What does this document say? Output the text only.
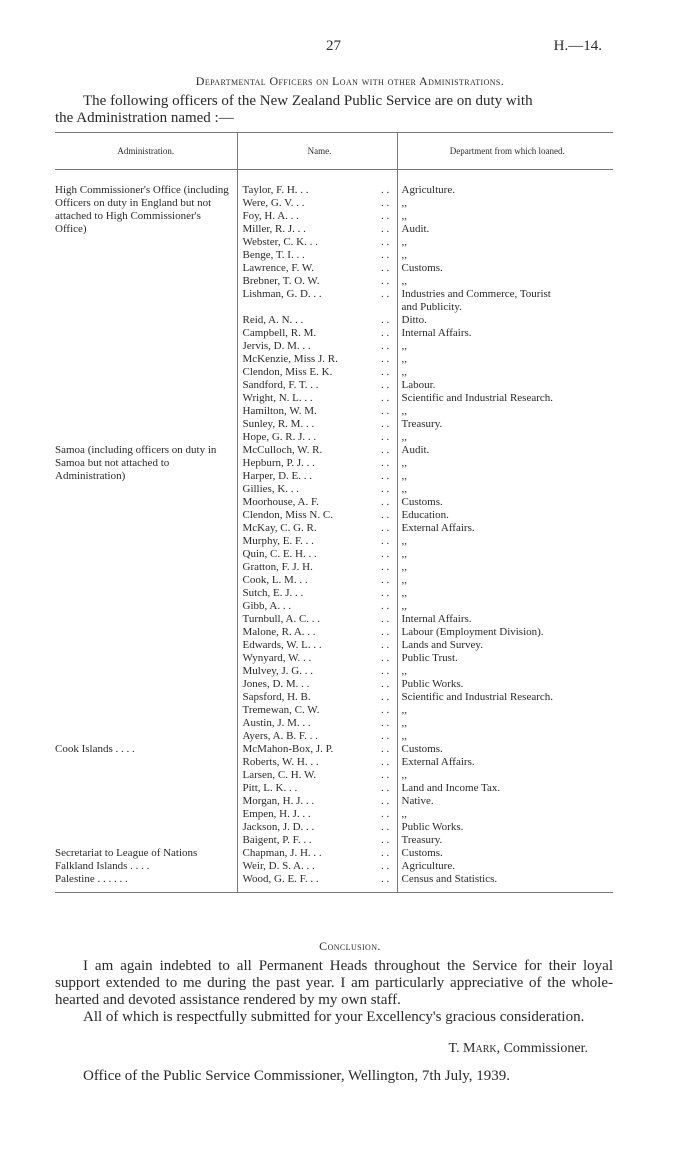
27	H.—14.
Departmental Officers on Loan with other Administrations.
The following officers of the New Zealand Public Service are on duty with
the Administration named :—
Administration.	Name.		Department from which loaned.

High Commissioner's Office (including Officers on duty in England but not attached to High Commissioner's Office)	Taylor, F. H. . .	. .	Agriculture.
	Were, G. V. . .	. .	,,
	Foy, H. A. . .	. .	,,
	Miller, R. J. . .	. .	Audit.
	Webster, C. K. . .	. .	,,
	Benge, T. I. . .	. .	,,
	Lawrence, F. W.	. .	Customs.
	Brebner, T. O. W.	. .	,,
	Lishman, G. D. . .	. .	Industries and Commerce, Tourist
			and Publicity.
	Reid, A. N. . .	. .	Ditto.
	Campbell, R. M.	. .	Internal Affairs.
	Jervis, D. M. . .	. .	,,
	McKenzie, Miss J. R.	. .	,,
	Clendon, Miss E. K.	. .	,,
	Sandford, F. T. . .	. .	Labour.
	Wright, N. L. . .	. .	Scientific and Industrial Research.
	Hamilton, W. M.	. .	,,
	Sunley, R. M. . .	. .	Treasury.
	Hope, G. R. J. . .	. .	,,

Samoa (including officers on duty in Samoa but not attached to Administration)	McCulloch, W. R.	. .	Audit.
	Hepburn, P. J. . .	. .	,,
	Harper, D. E. . .	. .	,,
	Gillies, K. . .	. .	,,
	Moorhouse, A. F.	. .	Customs.
	Clendon, Miss N. C.	. .	Education.
	McKay, C. G. R.	. .	External Affairs.
	Murphy, E. F. . .	. .	,,
	Quin, C. E. H. . .	. .	,,
	Gratton, F. J. H.	. .	,,
	Cook, L. M. . .	. .	,,
	Sutch, E. J. . .	. .	,,
	Gibb, A. . .	. .	,,
	Turnbull, A. C. . .	. .	Internal Affairs.
	Malone, R. A. . .	. .	Labour (Employment Division).
	Edwards, W. L. . .	. .	Lands and Survey.
	Wynyard, W. . .	. .	Public Trust.
	Mulvey, J. G. . .	. .	,,
	Jones, D. M. . .	. .	Public Works.
	Sapsford, H. B.	. .	Scientific and Industrial Research.
	Tremewan, C. W.	. .	,,
	Austin, J. M. . .	. .	,,
	Ayers, A. B. F. . .	. .	,,

Cook Islands . . . .	McMahon-Box, J. P.	. .	Customs.
	Roberts, W. H. . .	. .	External Affairs.
	Larsen, C. H. W.	. .	,,
	Pitt, L. K. . .	. .	Land and Income Tax.
	Morgan, H. J. . .	. .	Native.
	Empen, H. J. . .	. .	,,
	Jackson, J. D. . .	. .	Public Works.
	Baigent, P. F. . .	. .	Treasury.

Secretariat to League of Nations	Chapman, J. H. . .	. .	Customs.

Falkland Islands . . . .	Weir, D. S. A. . .	. .	Agriculture.

Palestine . . . . . .	Wood, G. E. F. . .	. .	Census and Statistics.
Conclusion.

I am again indebted to all Permanent Heads throughout the Service for their loyal support extended to me during the past year. I am particularly appreciative of the whole-hearted and devoted assistance rendered by my own staff.

All of which is respectfully submitted for your Excellency's gracious consideration.

T. Mark, Commissioner.
Office of the Public Service Commissioner, Wellington, 7th July, 1939.
